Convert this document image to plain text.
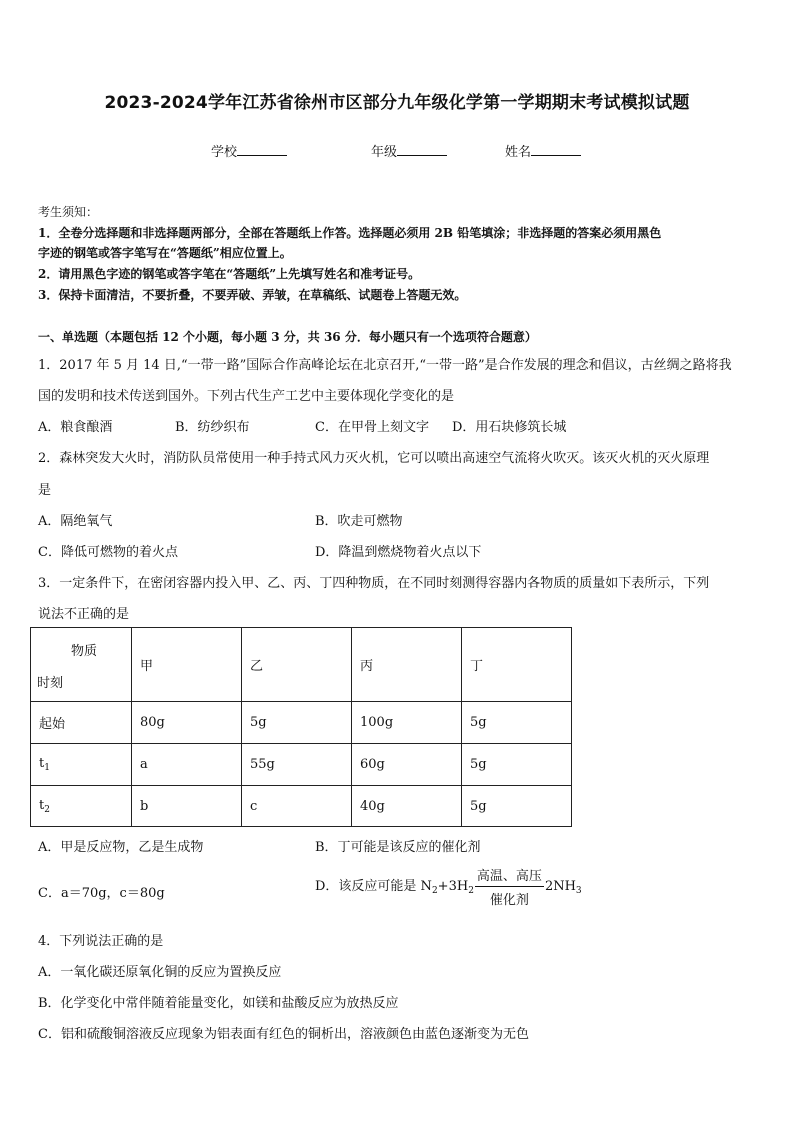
2023-2024学年江苏省徐州市区部分九年级化学第一学期期末考试模拟试题
学校	年级	姓名
考生须知：
1．全卷分选择题和非选择题两部分，全部在答题纸上作答。选择题必须用 2B 铅笔填涂；非选择题的答案必须用黑色
字迹的钢笔或答字笔写在“答题纸”相应位置上。
2．请用黑色字迹的钢笔或答字笔在“答题纸”上先填写姓名和准考证号。
3．保持卡面清洁，不要折叠，不要弄破、弄皱，在草稿纸、试题卷上答题无效。
一、单选题（本题包括 12 个小题，每小题 3 分，共 36 分．每小题只有一个选项符合题意）
1．2017 年 5 月 14 日,“一带一路”国际合作高峰论坛在北京召开,“一带一路”是合作发展的理念和倡议，古丝绸之路将我
国的发明和技术传送到国外。下列古代生产工艺中主要体现化学变化的是
A．粮食酿酒	B．纺纱织布	C．在甲骨上刻文字 D．用石块修筑长城
2．森林突发大火时，消防队员常使用一种手持式风力灭火机，它可以喷出高速空气流将火吹灭。该灭火机的灭火原理
是
A．隔绝氧气	B．吹走可燃物
C．降低可燃物的着火点	D．降温到燃烧物着火点以下
3．一定条件下，在密闭容器内投入甲、乙、丙、丁四种物质，在不同时刻测得容器内各物质的质量如下表所示，下列
说法不正确的是
物质
时刻	甲	乙	丙	丁
起始	80g	5g	100g	5g
$t_1$	a	55g	60g	5g
$t_2$	b	c	40g	5g
A．甲是反应物，乙是生成物	B．丁可能是该反应的催化剂
C．a＝70g，c＝80g	D．该反应可能是 $N_2+3H_2 \frac{\text{高温、高压}}{\text{催化剂}} 2NH_3$
4．下列说法正确的是
A．一氧化碳还原氧化铜的反应为置换反应
B．化学变化中常伴随着能量变化，如镁和盐酸反应为放热反应
C．铝和硫酸铜溶液反应现象为铝表面有红色的铜析出，溶液颜色由蓝色逐渐变为无色
